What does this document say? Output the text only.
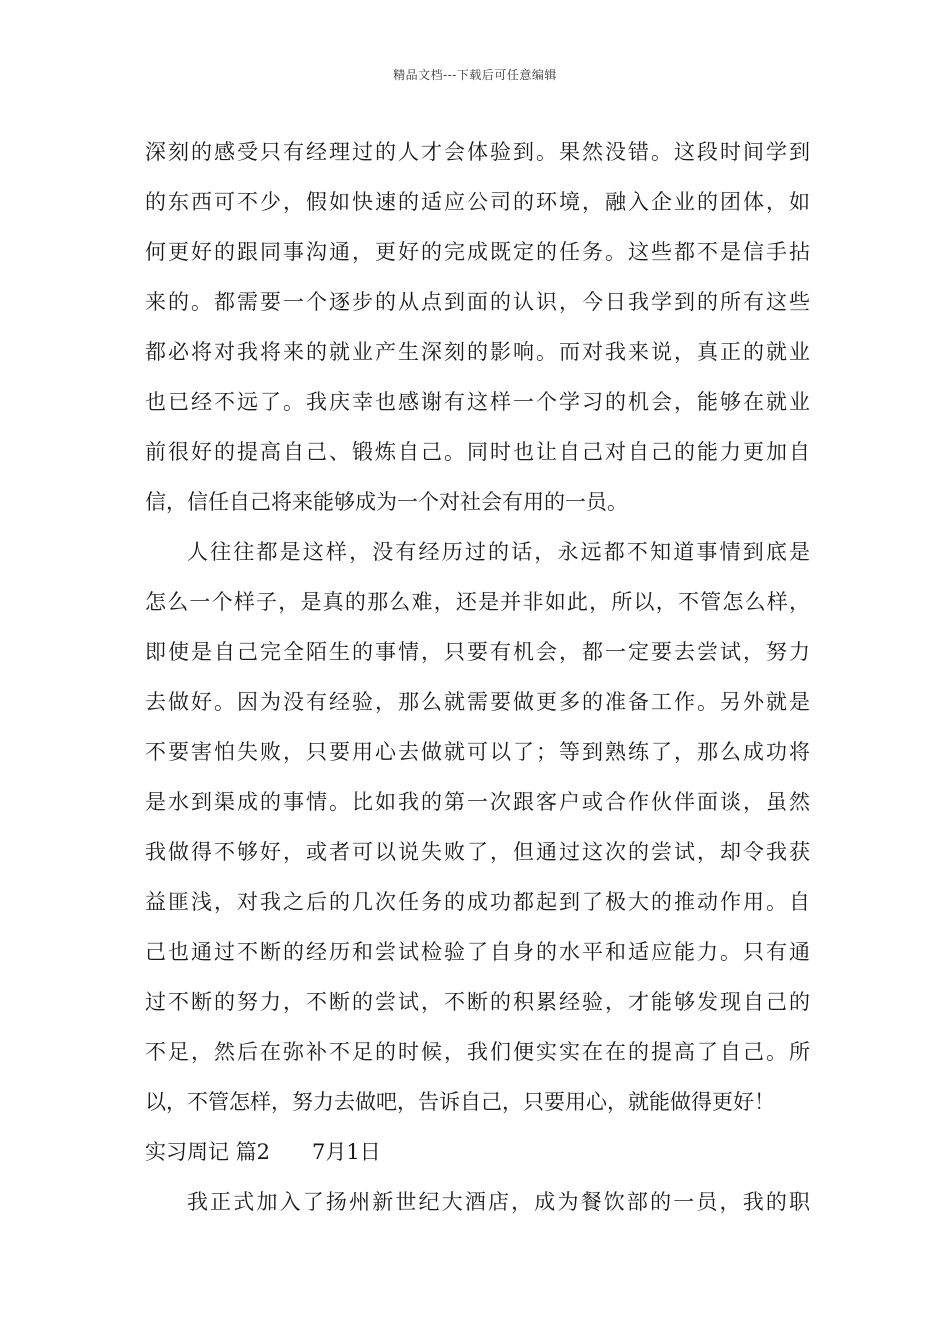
精品文档---下载后可任意编辑
深刻的感受只有经理过的人才会体验到。果然没错。这段时间学到
的东西可不少，假如快速的适应公司的环境，融入企业的团体，如
何更好的跟同事沟通，更好的完成既定的任务。这些都不是信手拈
来的。都需要一个逐步的从点到面的认识，今日我学到的所有这些
都必将对我将来的就业产生深刻的影响。而对我来说，真正的就业
也已经不远了。我庆幸也感谢有这样一个学习的机会，能够在就业
前很好的提高自己、锻炼自己。同时也让自己对自己的能力更加自
信，信任自己将来能够成为一个对社会有用的一员。
人往往都是这样，没有经历过的话，永远都不知道事情到底是
怎么一个样子，是真的那么难，还是并非如此，所以，不管怎么样，
即使是自己完全陌生的事情，只要有机会，都一定要去尝试，努力
去做好。因为没有经验，那么就需要做更多的准备工作。另外就是
不要害怕失败，只要用心去做就可以了；等到熟练了，那么成功将
是水到渠成的事情。比如我的第一次跟客户或合作伙伴面谈，虽然
我做得不够好，或者可以说失败了，但通过这次的尝试，却令我获
益匪浅，对我之后的几次任务的成功都起到了极大的推动作用。自
己也通过不断的经历和尝试检验了自身的水平和适应能力。只有通
过不断的努力，不断的尝试，不断的积累经验，才能够发现自己的
不足，然后在弥补不足的时候，我们便实实在在的提高了自己。所
以，不管怎样，努力去做吧，告诉自己，只要用心，就能做得更好！
实习周记 篇2 7月1日
我正式加入了扬州新世纪大酒店，成为餐饮部的一员，我的职
